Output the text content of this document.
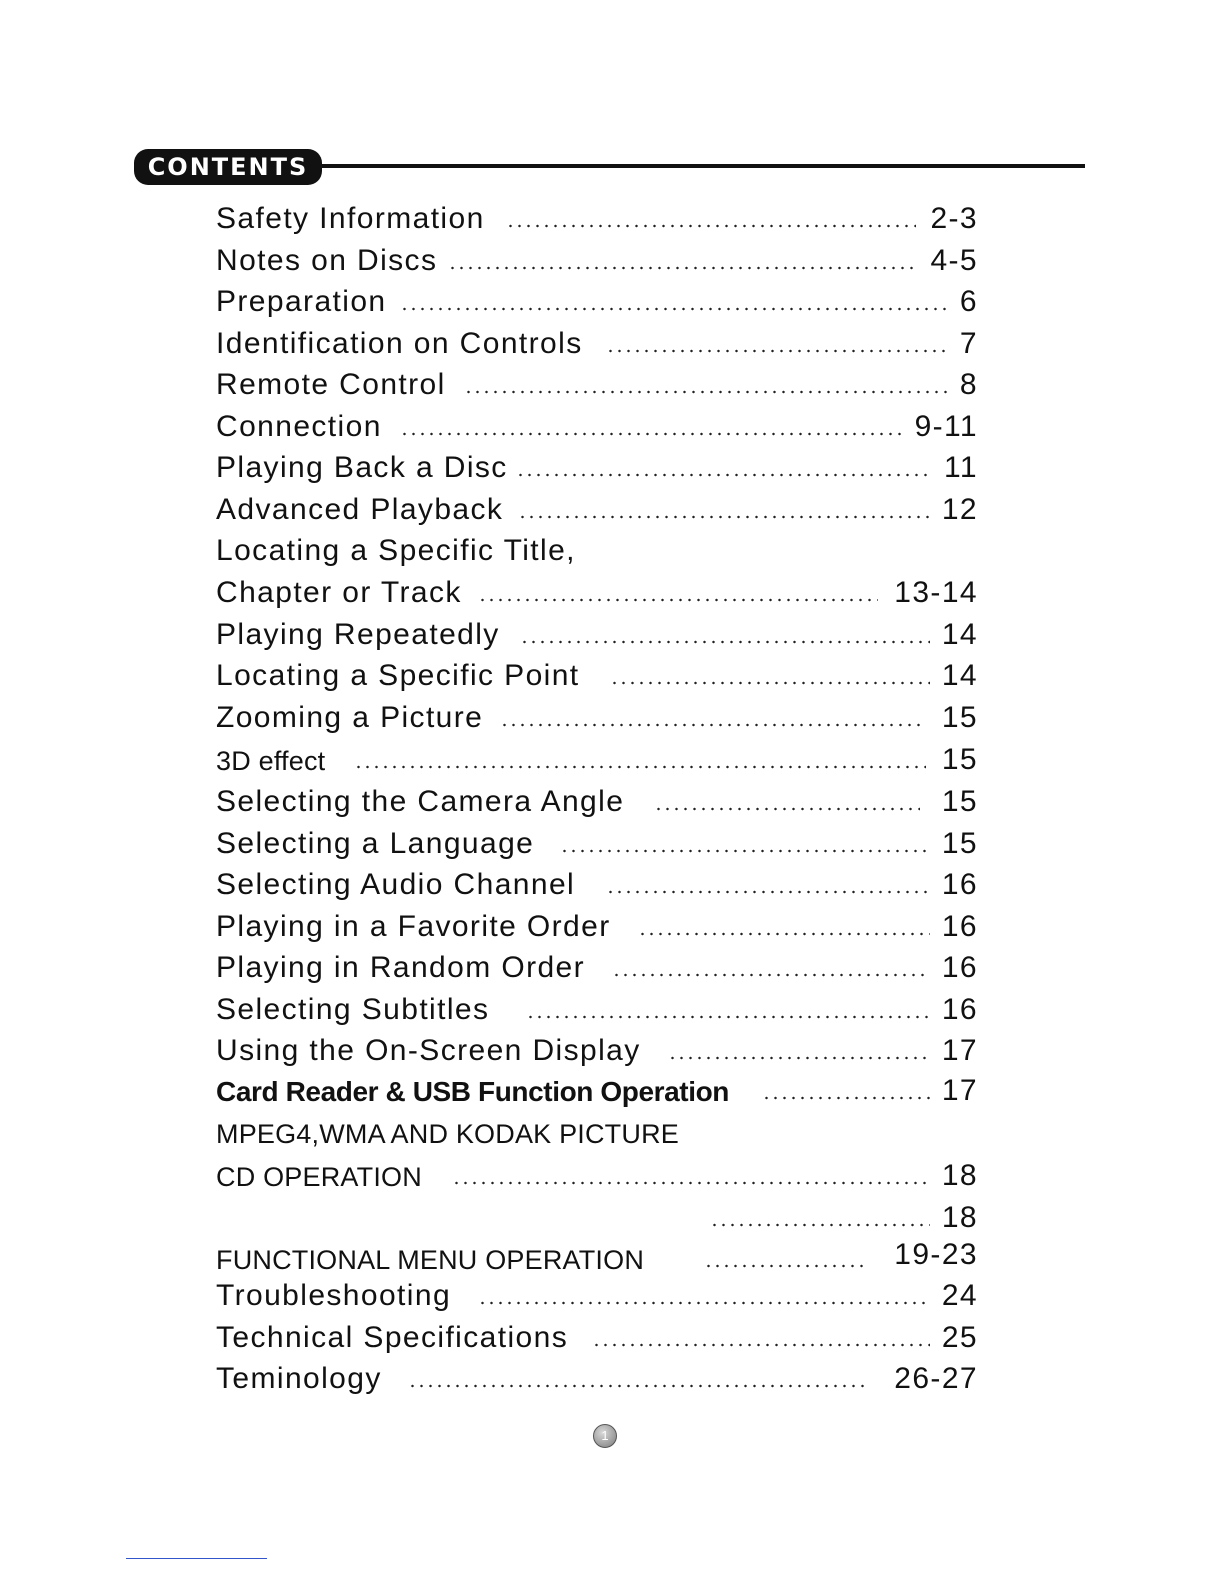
CONTENTS
Safety Information	2-3
Notes on Discs	4-5
Preparation	6
Identification on Controls	7
Remote Control	8
Connection	9-11
Playing Back a Disc	11
Advanced Playback	12
Locating a Specific Title,
Chapter or Track	13-14
Playing Repeatedly	14
Locating a Specific Point	14
Zooming a Picture	15
3D effect	15
Selecting the Camera Angle	15
Selecting a Language	15
Selecting Audio Channel	16
Playing in a Favorite Order	16
Playing in Random Order	16
Selecting Subtitles	16
Using the On-Screen Display	17
Card Reader & USB Function Operation	17
MPEG4,WMA AND KODAK PICTURE
CD OPERATION	18
18
FUNCTIONAL MENU OPERATION	19-23
Troubleshooting	24
Technical Specifications	25
Teminology	26-27
1
